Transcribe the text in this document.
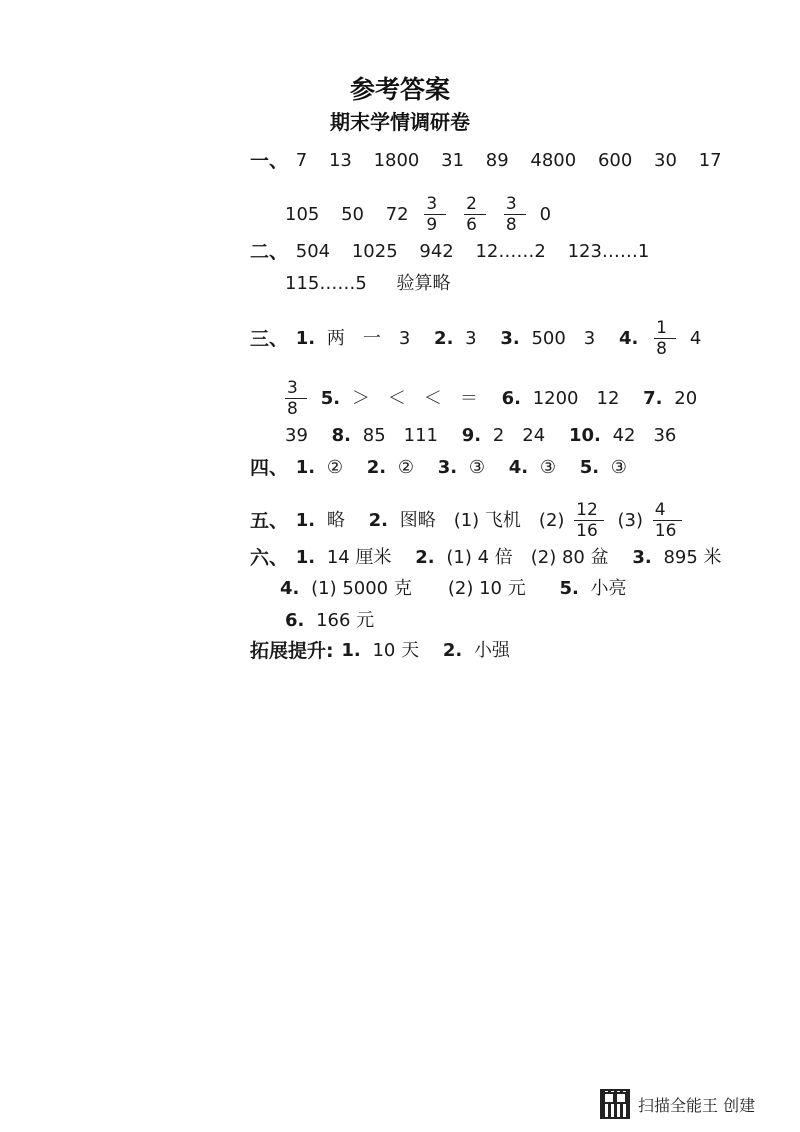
参考答案
期末学情调研卷
一、 7 13 1800 31 89 4800 600 30 17
105 50 $72 \frac{3}{9}$
$\frac{2}{6}$
$\frac{3}{8} 0$
二、 504 1025 942 12……2 123……1
115……5 验算略
三、 1. 两　一　3 2. 3 3. 500　3 4. $\frac{1}{8} 4$
$\frac{3}{8} 5$. ＞　＜　＜　＝ 6. 1200　12 7. 20
39 8. 85　111 9. 2　24 10. 42　36
四、 1. ② 2. ② 3. ③ 4. ③ 5. ③
五、 1. 略 2. 图略　(1) 飞机　$(2) \frac{12}{16} (3) \frac{4}{16}$
六、 1. 14 厘米 2. (1) 4 倍　(2) 80 盆 3. 895 米
4. (1) 5000 克　　(2) 10 元 5. 小亮
6. 166 元
拓展提升: 1. 10 天 2. 小强
扫描全能王 创建
